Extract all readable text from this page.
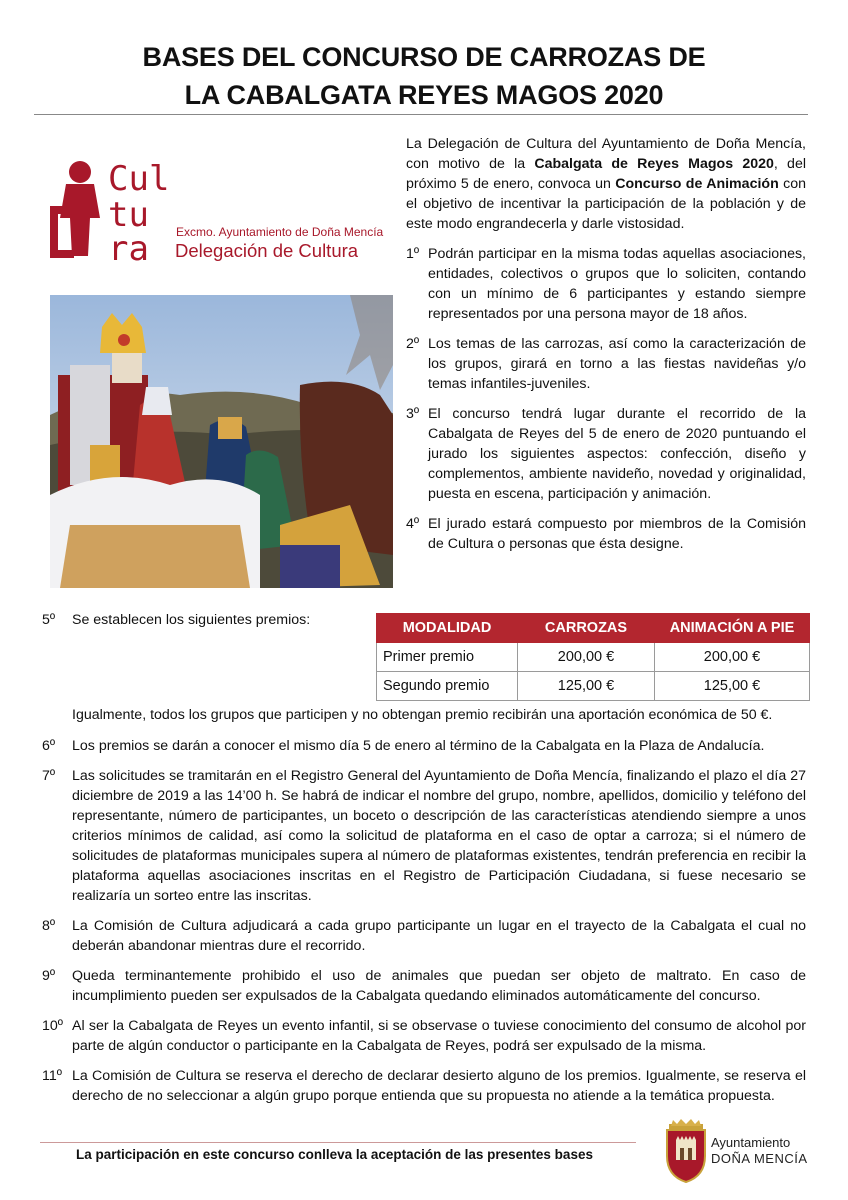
BASES DEL CONCURSO DE CARROZAS DE
LA CABALGATA REYES MAGOS 2020
Cul
tu
ra Excmo. Ayuntamiento de Doña Mencía
Delegación de Cultura

La Delegación de Cultura del Ayuntamiento de Doña Mencía, con motivo de la Cabalgata de Reyes Magos 2020, del próximo 5 de enero, convoca un Concurso de Animación con el objetivo de incentivar la participación de la población y de este modo engrandecerla y darle vistosidad.

1º Podrán participar en la misma todas aquellas asociaciones, entidades, colectivos o grupos que lo soliciten, contando con un mínimo de 6 participantes y estando siempre representados por una persona mayor de 18 años.
2º Los temas de las carrozas, así como la caracterización de los grupos, girará en torno a las fiestas navideñas y/o temas infantiles-juveniles.
3º El concurso tendrá lugar durante el recorrido de la Cabalgata de Reyes del 5 de enero de 2020 puntuando el jurado los siguientes aspectos: confección, diseño y complementos, ambiente navideño, novedad y originalidad, puesta en escena, participación y animación.
4º El jurado estará compuesto por miembros de la Comisión de Cultura o personas que ésta designe.
5º	Se establecen los siguientes premios:	MODALIDAD	CARROZAS	ANIMACIÓN A PIE
Primer premio	200,00 €	200,00 €
Segundo premio	125,00 €	125,00 €
Igualmente, todos los grupos que participen y no obtengan premio recibirán una aportación económica de 50 €.
6º	Los premios se darán a conocer el mismo día 5 de enero al término de la Cabalgata en la Plaza de Andalucía.
7º	Las solicitudes se tramitarán en el Registro General del Ayuntamiento de Doña Mencía, finalizando el plazo el día 27 diciembre de 2019 a las 14’00 h. Se habrá de indicar el nombre del grupo, nombre, apellidos, domicilio y teléfono del representante, número de participantes, un boceto o descripción de las características atendiendo siempre a unos criterios mínimos de calidad, así como la solicitud de plataforma en el caso de optar a carroza; si el número de solicitudes de plataformas municipales supera al número de plataformas existentes, tendrán preferencia en recibir la plataforma aquellas asociaciones inscritas en el Registro de Participación Ciudadana, si fuese necesario se realizaría un sorteo entre las inscritas.
8º	La Comisión de Cultura adjudicará a cada grupo participante un lugar en el trayecto de la Cabalgata el cual no deberán abandonar mientras dure el recorrido.
9º	Queda terminantemente prohibido el uso de animales que puedan ser objeto de maltrato. En caso de incumplimiento pueden ser expulsados de la Cabalgata quedando eliminados automáticamente del concurso.
10º Al ser la Cabalgata de Reyes un evento infantil, si se observase o tuviese conocimiento del consumo de alcohol por parte de algún conductor o participante en la Cabalgata de Reyes, podrá ser expulsado de la misma.
11º La Comisión de Cultura se reserva el derecho de declarar desierto alguno de los premios. Igualmente, se reserva el derecho de no seleccionar a algún grupo porque entienda que su propuesta no atiende a la temática propuesta.
La participación en este concurso conlleva la aceptación de las presentes bases
Ayuntamiento
DOÑA MENCÍA
